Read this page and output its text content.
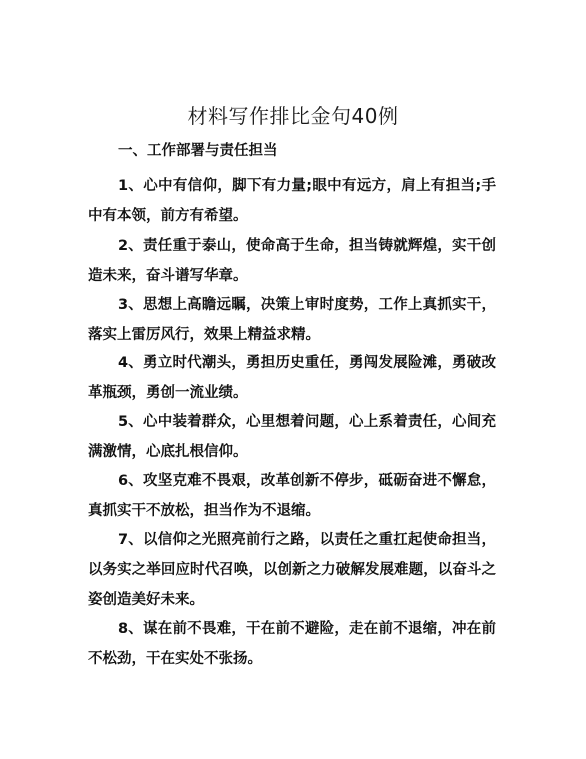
材料写作排比金句40例
一、工作部署与责任担当
1、心中有信仰，脚下有力量;眼中有远方，肩上有担当;手中有本领，前方有希望。
2、责任重于泰山，使命高于生命，担当铸就辉煌，实干创造未来，奋斗谱写华章。
3、思想上高瞻远瞩，决策上审时度势，工作上真抓实干，落实上雷厉风行，效果上精益求精。
4、勇立时代潮头，勇担历史重任，勇闯发展险滩，勇破改革瓶颈，勇创一流业绩。
5、心中装着群众，心里想着问题，心上系着责任，心间充满激情，心底扎根信仰。
6、攻坚克难不畏艰，改革创新不停步，砥砺奋进不懈怠，真抓实干不放松，担当作为不退缩。
7、以信仰之光照亮前行之路，以责任之重扛起使命担当，以务实之举回应时代召唤，以创新之力破解发展难题，以奋斗之姿创造美好未来。
8、谋在前不畏难，干在前不避险，走在前不退缩，冲在前不松劲，干在实处不张扬。
